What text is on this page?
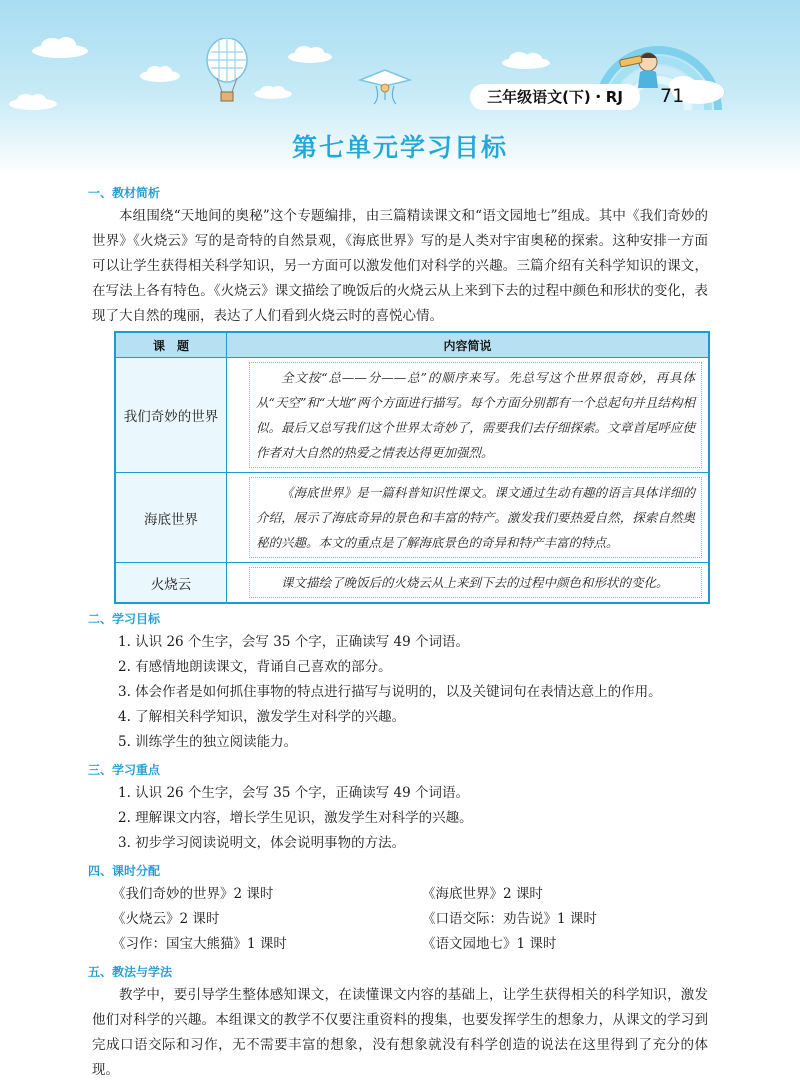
三年级语文(下)・RJ	71
第七单元学习目标
一、教材简析

本组围绕“天地间的奥秘”这个专题编排，由三篇精读课文和“语文园地七”组成。其中《我们奇妙的世界》《火烧云》写的是奇特的自然景观，《海底世界》写的是人类对宇宙奥秘的探索。这种安排一方面可以让学生获得相关科学知识，另一方面可以激发他们对科学的兴趣。三篇介绍有关科学知识的课文，在写法上各有特色。《火烧云》课文描绘了晚饭后的火烧云从上来到下去的过程中颜色和形状的变化，表现了大自然的瑰丽，表达了人们看到火烧云时的喜悦心情。

课　题	内容简说
我们奇妙的世界	全文按“总——分——总”的顺序来写。先总写这个世界很奇妙，再具体从“天空”和“大地”两个方面进行描写。每个方面分别都有一个总起句并且结构相似。最后又总写我们这个世界太奇妙了，需要我们去仔细探索。文章首尾呼应使作者对大自然的热爱之情表达得更加强烈。

海底世界	《海底世界》是一篇科普知识性课文。课文通过生动有趣的语言具体详细的介绍，展示了海底奇异的景色和丰富的特产。激发我们要热爱自然，探索自然奥秘的兴趣。本文的重点是了解海底景色的奇异和特产丰富的特点。

火烧云	课文描绘了晚饭后的火烧云从上来到下去的过程中颜色和形状的变化。
二、学习目标
1. 认识 26 个生字，会写 35 个字，正确读写 49 个词语。
2. 有感情地朗读课文，背诵自己喜欢的部分。
3. 体会作者是如何抓住事物的特点进行描写与说明的，以及关键词句在表情达意上的作用。
4. 了解相关科学知识，激发学生对科学的兴趣。
5. 训练学生的独立阅读能力。
三、学习重点
1. 认识 26 个生字，会写 35 个字，正确读写 49 个词语。
2. 理解课文内容，增长学生见识，激发学生对科学的兴趣。
3. 初步学习阅读说明文，体会说明事物的方法。
四、课时分配
《我们奇妙的世界》2 课时	《海底世界》2 课时
《火烧云》2 课时	《口语交际：劝告说》1 课时
《习作：国宝大熊猫》1 课时	《语文园地七》1 课时
五、教法与学法

教学中，要引导学生整体感知课文，在读懂课文内容的基础上，让学生获得相关的科学知识，激发他们对科学的兴趣。本组课文的教学不仅要注重资料的搜集，也要发挥学生的想象力，从课文的学习到完成口语交际和习作，无不需要丰富的想象，没有想象就没有科学创造的说法在这里得到了充分的体现。
